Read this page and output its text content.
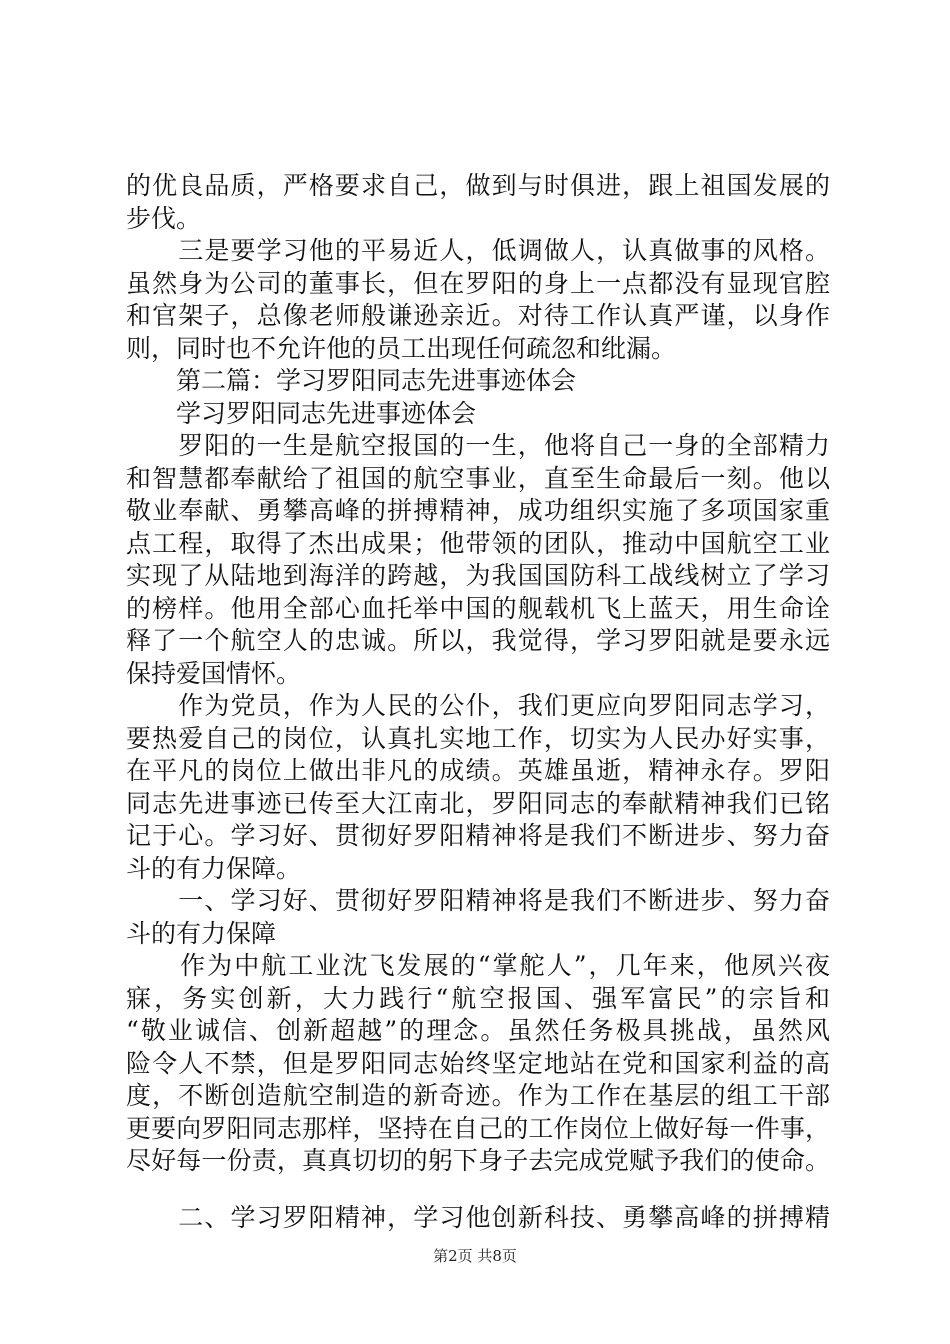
的优良品质，严格要求自己，做到与时俱进，跟上祖国发展的
步伐。
　　三是要学习他的平易近人，低调做人，认真做事的风格。
虽然身为公司的董事长，但在罗阳的身上一点都没有显现官腔
和官架子，总像老师般谦逊亲近。对待工作认真严谨，以身作
则，同时也不允许他的员工出现任何疏忽和纰漏。
　　第二篇：学习罗阳同志先进事迹体会
　　学习罗阳同志先进事迹体会
　　罗阳的一生是航空报国的一生，他将自己一身的全部精力
和智慧都奉献给了祖国的航空事业，直至生命最后一刻。他以
敬业奉献、勇攀高峰的拼搏精神，成功组织实施了多项国家重
点工程，取得了杰出成果；他带领的团队，推动中国航空工业
实现了从陆地到海洋的跨越，为我国国防科工战线树立了学习
的榜样。他用全部心血托举中国的舰载机飞上蓝天，用生命诠
释了一个航空人的忠诚。所以，我觉得，学习罗阳就是要永远
保持爱国情怀。
　　作为党员，作为人民的公仆，我们更应向罗阳同志学习，
要热爱自己的岗位，认真扎实地工作，切实为人民办好实事，
在平凡的岗位上做出非凡的成绩。英雄虽逝，精神永存。罗阳
同志先进事迹已传至大江南北，罗阳同志的奉献精神我们已铭
记于心。学习好、贯彻好罗阳精神将是我们不断进步、努力奋
斗的有力保障。
　　一、学习好、贯彻好罗阳精神将是我们不断进步、努力奋
斗的有力保障
　　作为中航工业沈飞发展的“掌舵人”，几年来，他夙兴夜
寐，务实创新，大力践行“航空报国、强军富民”的宗旨和
“敬业诚信、创新超越”的理念。虽然任务极具挑战，虽然风
险令人不禁，但是罗阳同志始终坚定地站在党和国家利益的高
度，不断创造航空制造的新奇迹。作为工作在基层的组工干部
更要向罗阳同志那样，坚持在自己的工作岗位上做好每一件事，
尽好每一份责，真真切切的躬下身子去完成党赋予我们的使命。
　　二、学习罗阳精神，学习他创新科技、勇攀高峰的拼搏精
第2页 共8页
